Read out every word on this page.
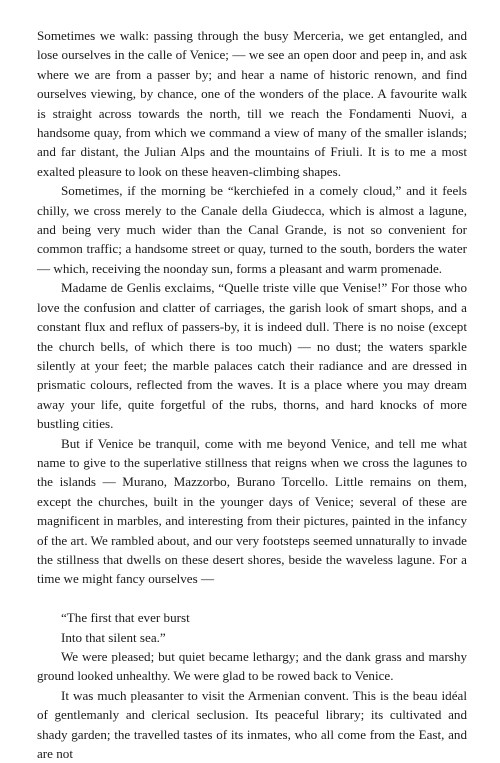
Sometimes we walk: passing through the busy Merceria, we get entangled, and lose ourselves in the calle of Venice; — we see an open door and peep in, and ask where we are from a passer by; and hear a name of historic renown, and find ourselves viewing, by chance, one of the wonders of the place. A favourite walk is straight across towards the north, till we reach the Fondamenti Nuovi, a handsome quay, from which we command a view of many of the smaller islands; and far distant, the Julian Alps and the mountains of Friuli. It is to me a most exalted pleasure to look on these heaven-climbing shapes.

Sometimes, if the morning be “kerchiefed in a comely cloud,” and it feels chilly, we cross merely to the Canale della Giudecca, which is almost a lagune, and being very much wider than the Canal Grande, is not so convenient for common traffic; a handsome street or quay, turned to the south, borders the water — which, receiving the noonday sun, forms a pleasant and warm promenade.

Madame de Genlis exclaims, “Quelle triste ville que Venise!” For those who love the confusion and clatter of carriages, the garish look of smart shops, and a constant flux and reflux of passers-by, it is indeed dull. There is no noise (except the church bells, of which there is too much) — no dust; the waters sparkle silently at your feet; the marble palaces catch their radiance and are dressed in prismatic colours, reflected from the waves. It is a place where you may dream away your life, quite forgetful of the rubs, thorns, and hard knocks of more bustling cities.

But if Venice be tranquil, come with me beyond Venice, and tell me what name to give to the superlative stillness that reigns when we cross the lagunes to the islands — Murano, Mazzorbo, Burano Torcello. Little remains on them, except the churches, built in the younger days of Venice; several of these are magnificent in marbles, and interesting from their pictures, painted in the infancy of the art. We rambled about, and our very footsteps seemed unnaturally to invade the stillness that dwells on these desert shores, beside the waveless lagune. For a time we might fancy ourselves —

“The first that ever burst

Into that silent sea.”

We were pleased; but quiet became lethargy; and the dank grass and marshy ground looked unhealthy. We were glad to be rowed back to Venice.

It was much pleasanter to visit the Armenian convent. This is the beau idéal of gentlemanly and clerical seclusion. Its peaceful library; its cultivated and shady garden; the travelled tastes of its inmates, who all come from the East, and are not
